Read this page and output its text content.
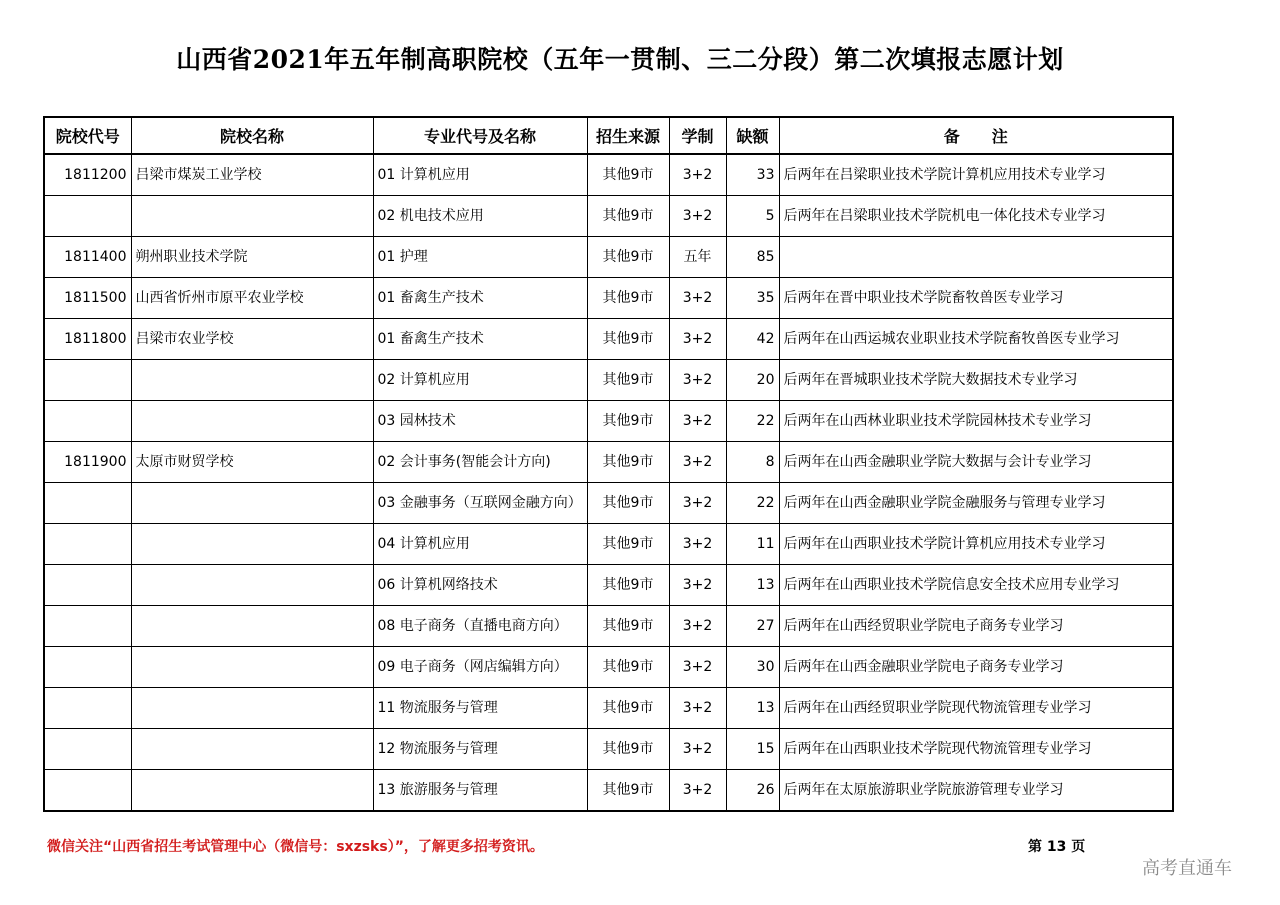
山西省2021年五年制高职院校（五年一贯制、三二分段）第二次填报志愿计划
院校代号	院校名称	专业代号及名称	招生来源	学制	缺额	备　　注
1811200	吕梁市煤炭工业学校	01 计算机应用	其他9市	3+2	33	后两年在吕梁职业技术学院计算机应用技术专业学习
		02 机电技术应用	其他9市	3+2	5	后两年在吕梁职业技术学院机电一体化技术专业学习
1811400	朔州职业技术学院	01 护理	其他9市	五年	85	
1811500	山西省忻州市原平农业学校	01 畜禽生产技术	其他9市	3+2	35	后两年在晋中职业技术学院畜牧兽医专业学习
1811800	吕梁市农业学校	01 畜禽生产技术	其他9市	3+2	42	后两年在山西运城农业职业技术学院畜牧兽医专业学习
		02 计算机应用	其他9市	3+2	20	后两年在晋城职业技术学院大数据技术专业学习
		03 园林技术	其他9市	3+2	22	后两年在山西林业职业技术学院园林技术专业学习
1811900	太原市财贸学校	02 会计事务(智能会计方向)	其他9市	3+2	8	后两年在山西金融职业学院大数据与会计专业学习
		03 金融事务（互联网金融方向）	其他9市	3+2	22	后两年在山西金融职业学院金融服务与管理专业学习
		04 计算机应用	其他9市	3+2	11	后两年在山西职业技术学院计算机应用技术专业学习
		06 计算机网络技术	其他9市	3+2	13	后两年在山西职业技术学院信息安全技术应用专业学习
		08 电子商务（直播电商方向）	其他9市	3+2	27	后两年在山西经贸职业学院电子商务专业学习
		09 电子商务（网店编辑方向）	其他9市	3+2	30	后两年在山西金融职业学院电子商务专业学习
		11 物流服务与管理	其他9市	3+2	13	后两年在山西经贸职业学院现代物流管理专业学习
		12 物流服务与管理	其他9市	3+2	15	后两年在山西职业技术学院现代物流管理专业学习
		13 旅游服务与管理	其他9市	3+2	26	后两年在太原旅游职业学院旅游管理专业学习
微信关注“山西省招生考试管理中心（微信号：sxzsks）”，了解更多招考资讯。	第 13 页
高考直通车
